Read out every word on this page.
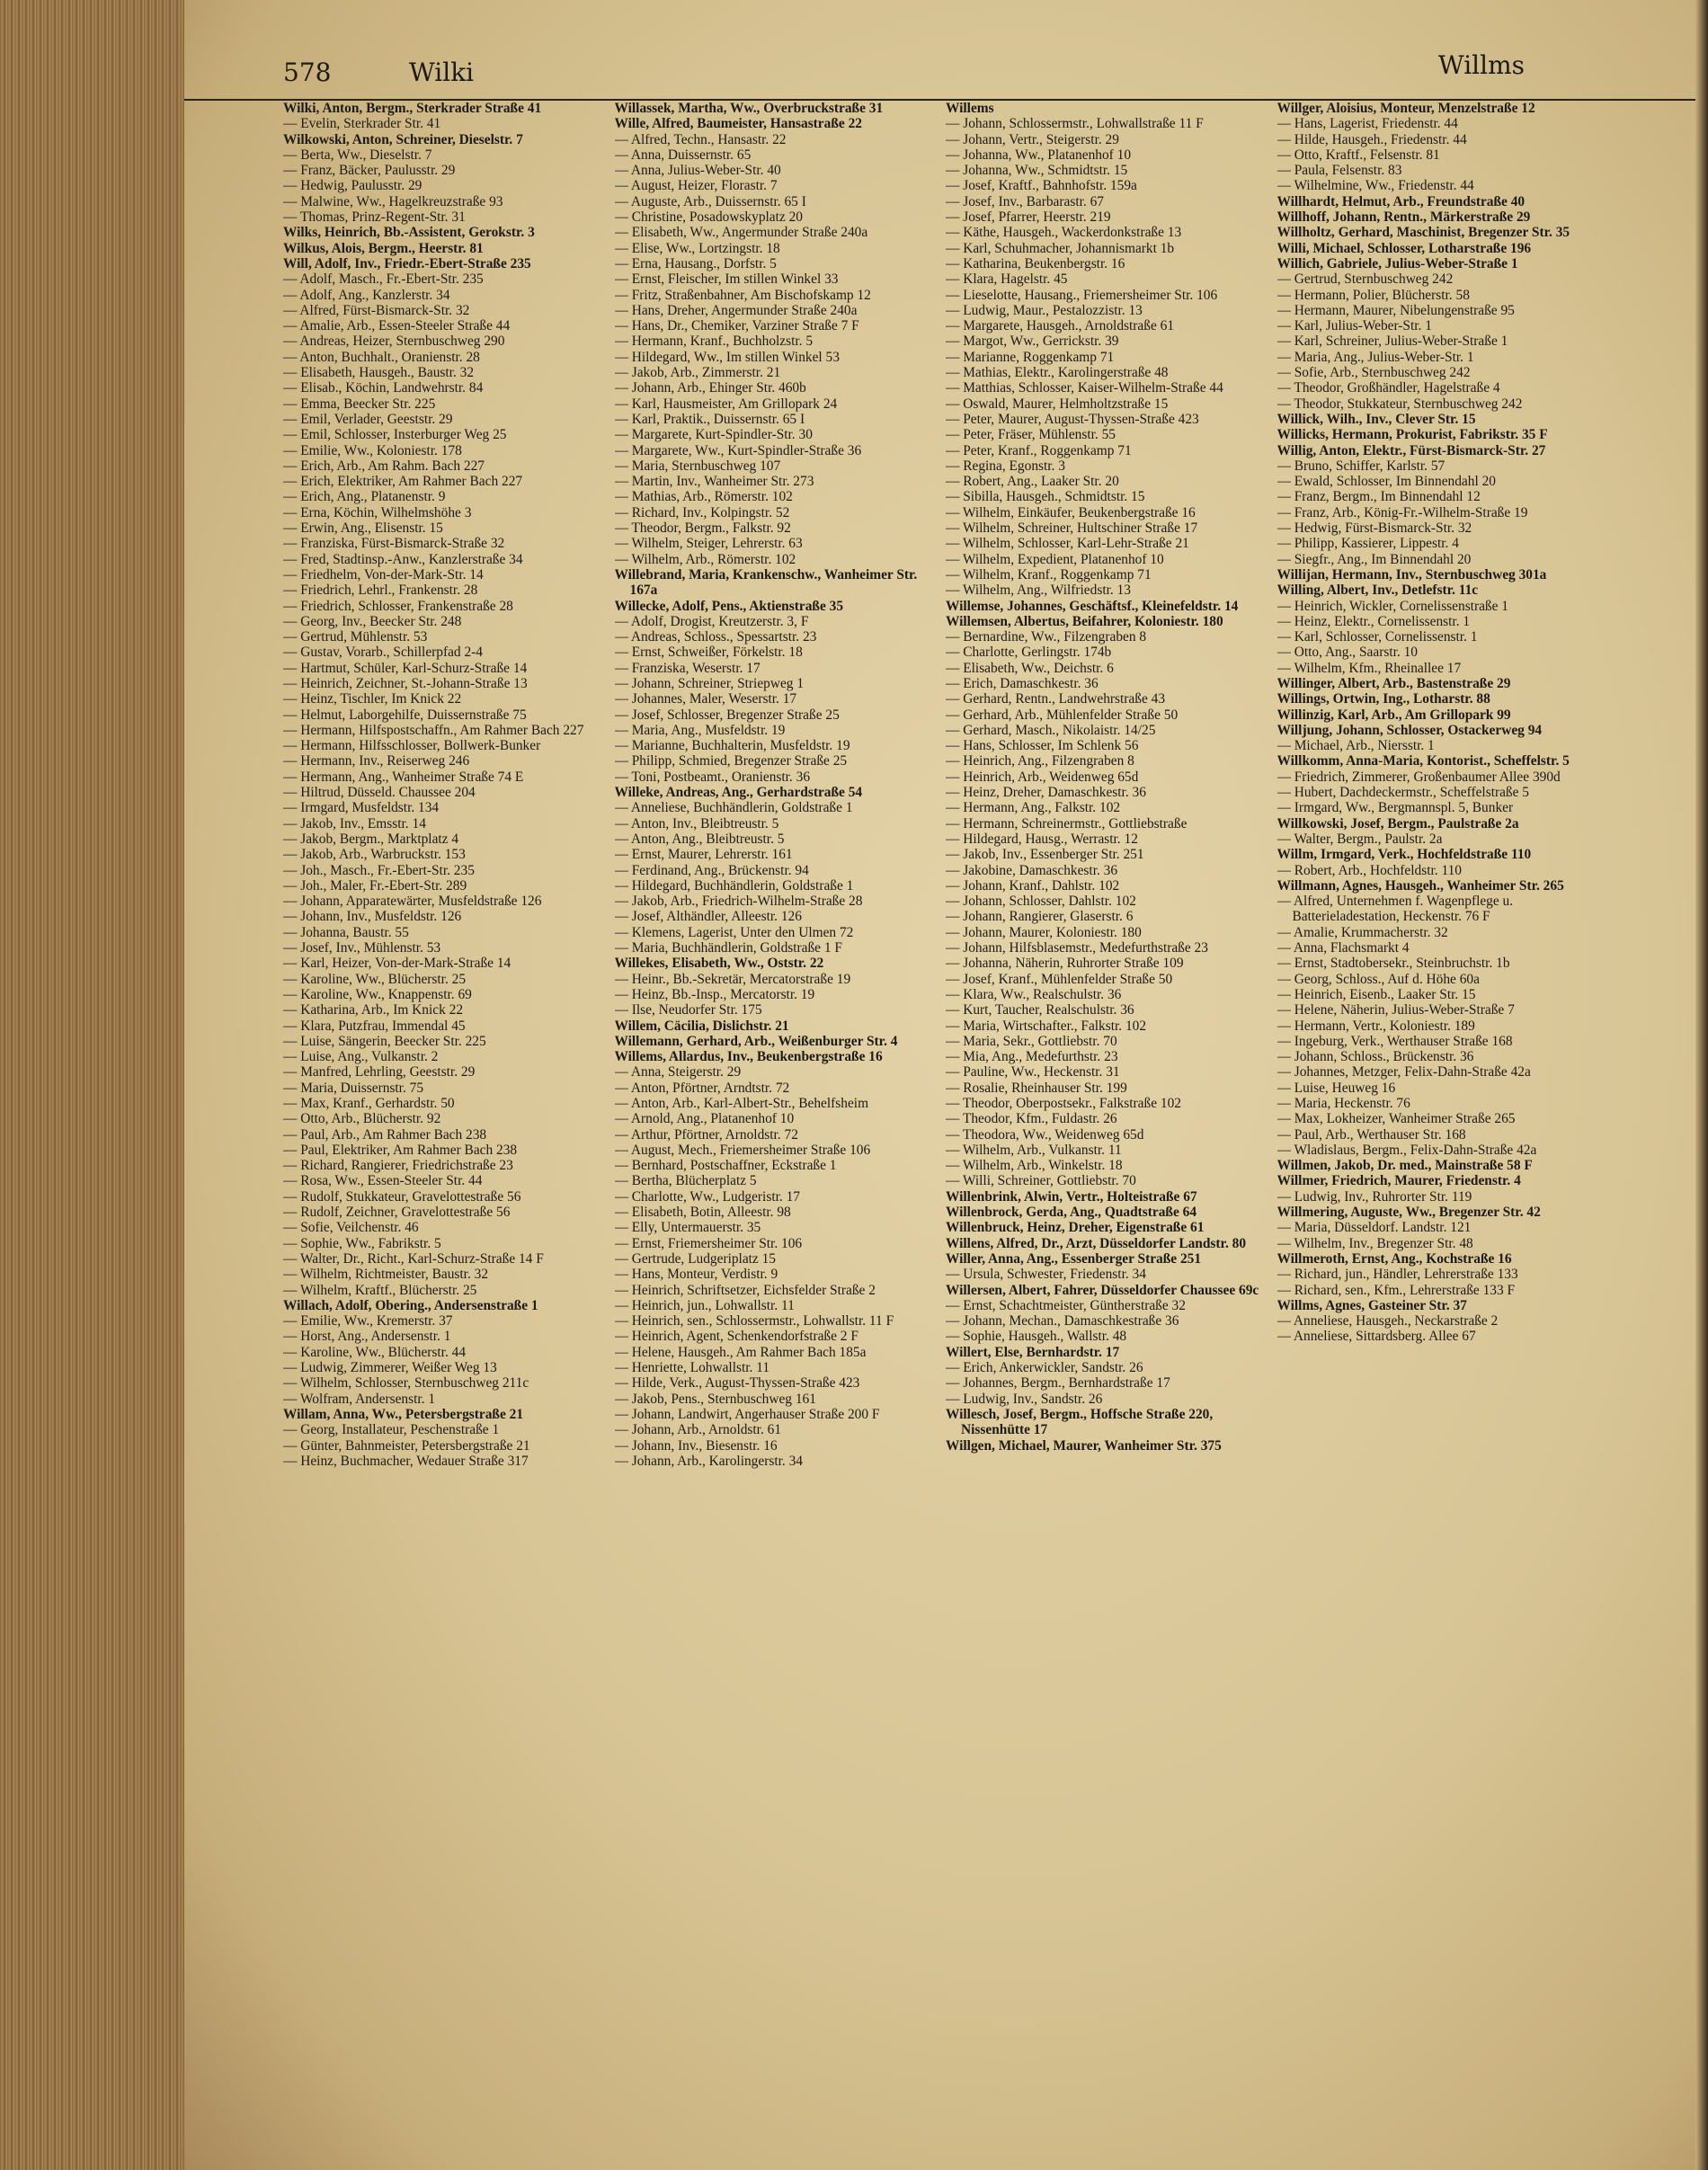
578	Wilki	Willms

Wilki, Anton, Bergm., Sterkrader Straße 41

— Evelin, Sterkrader Str. 41

Wilkowski, Anton, Schreiner, Dieselstr. 7

— Berta, Ww., Dieselstr. 7

— Franz, Bäcker, Paulusstr. 29

— Hedwig, Paulusstr. 29

— Malwine, Ww., Hagelkreuzstraße 93

— Thomas, Prinz-Regent-Str. 31

Wilks, Heinrich, Bb.-Assistent, Gerokstr. 3

Wilkus, Alois, Bergm., Heerstr. 81

Will, Adolf, Inv., Friedr.-Ebert-Straße 235

— Adolf, Masch., Fr.-Ebert-Str. 235

— Adolf, Ang., Kanzlerstr. 34

— Alfred, Fürst-Bismarck-Str. 32

— Amalie, Arb., Essen-Steeler Straße 44

— Andreas, Heizer, Sternbuschweg 290

— Anton, Buchhalt., Oranienstr. 28

— Elisabeth, Hausgeh., Baustr. 32

— Elisab., Köchin, Landwehrstr. 84

— Emma, Beecker Str. 225

— Emil, Verlader, Geeststr. 29

— Emil, Schlosser, Insterburger Weg 25

— Emilie, Ww., Koloniestr. 178

— Erich, Arb., Am Rahm. Bach 227

— Erich, Elektriker, Am Rahmer Bach 227

— Erich, Ang., Platanenstr. 9

— Erna, Köchin, Wilhelmshöhe 3

— Erwin, Ang., Elisenstr. 15

— Franziska, Fürst-Bismarck-Straße 32

— Fred, Stadtinsp.-Anw., Kanzlerstraße 34

— Friedhelm, Von-der-Mark-Str. 14

— Friedrich, Lehrl., Frankenstr. 28

— Friedrich, Schlosser, Frankenstraße 28

— Georg, Inv., Beecker Str. 248

— Gertrud, Mühlenstr. 53

— Gustav, Vorarb., Schillerpfad 2-4

— Hartmut, Schüler, Karl-Schurz-Straße 14

— Heinrich, Zeichner, St.-Johann-Straße 13

— Heinz, Tischler, Im Knick 22

— Helmut, Laborgehilfe, Duissernstraße 75

— Hermann, Hilfspostschaffn., Am Rahmer Bach 227

— Hermann, Hilfsschlosser, Bollwerk-Bunker

— Hermann, Inv., Reiserweg 246

— Hermann, Ang., Wanheimer Straße 74 E

— Hiltrud, Düsseld. Chaussee 204

— Irmgard, Musfeldstr. 134

— Jakob, Inv., Emsstr. 14

— Jakob, Bergm., Marktplatz 4

— Jakob, Arb., Warbruckstr. 153

— Joh., Masch., Fr.-Ebert-Str. 235

— Joh., Maler, Fr.-Ebert-Str. 289

— Johann, Apparatewärter, Musfeldstraße 126

— Johann, Inv., Musfeldstr. 126

— Johanna, Baustr. 55

— Josef, Inv., Mühlenstr. 53

— Karl, Heizer, Von-der-Mark-Straße 14

— Karoline, Ww., Blücherstr. 25

— Karoline, Ww., Knappenstr. 69

— Katharina, Arb., Im Knick 22

— Klara, Putzfrau, Immendal 45

— Luise, Sängerin, Beecker Str. 225

— Luise, Ang., Vulkanstr. 2

— Manfred, Lehrling, Geeststr. 29

— Maria, Duissernstr. 75

— Max, Kranf., Gerhardstr. 50

— Otto, Arb., Blücherstr. 92

— Paul, Arb., Am Rahmer Bach 238

— Paul, Elektriker, Am Rahmer Bach 238

— Richard, Rangierer, Friedrichstraße 23

— Rosa, Ww., Essen-Steeler Str. 44

— Rudolf, Stukkateur, Gravelottestraße 56

— Rudolf, Zeichner, Gravelottestraße 56

— Sofie, Veilchenstr. 46

— Sophie, Ww., Fabrikstr. 5

— Walter, Dr., Richt., Karl-Schurz-Straße 14 F

— Wilhelm, Richtmeister, Baustr. 32

— Wilhelm, Kraftf., Blücherstr. 25

Willach, Adolf, Obering., Andersenstraße 1

— Emilie, Ww., Kremerstr. 37

— Horst, Ang., Andersenstr. 1

— Karoline, Ww., Blücherstr. 44

— Ludwig, Zimmerer, Weißer Weg 13

— Wilhelm, Schlosser, Sternbuschweg 211c

— Wolfram, Andersenstr. 1

Willam, Anna, Ww., Petersbergstraße 21

— Georg, Installateur, Peschenstraße 1

— Günter, Bahnmeister, Petersbergstraße 21

— Heinz, Buchmacher, Wedauer Straße 317

Willassek, Martha, Ww., Overbruckstraße 31

Wille, Alfred, Baumeister, Hansastraße 22

— Alfred, Techn., Hansastr. 22

— Anna, Duissernstr. 65

— Anna, Julius-Weber-Str. 40

— August, Heizer, Florastr. 7

— Auguste, Arb., Duissernstr. 65 I

— Christine, Posadowskyplatz 20

— Elisabeth, Ww., Angermunder Straße 240a

— Elise, Ww., Lortzingstr. 18

— Erna, Hausang., Dorfstr. 5

— Ernst, Fleischer, Im stillen Winkel 33

— Fritz, Straßenbahner, Am Bischofskamp 12

— Hans, Dreher, Angermunder Straße 240a

— Hans, Dr., Chemiker, Varziner Straße 7 F

— Hermann, Kranf., Buchholzstr. 5

— Hildegard, Ww., Im stillen Winkel 53

— Jakob, Arb., Zimmerstr. 21

— Johann, Arb., Ehinger Str. 460b

— Karl, Hausmeister, Am Grillopark 24

— Karl, Praktik., Duissernstr. 65 I

— Margarete, Kurt-Spindler-Str. 30

— Margarete, Ww., Kurt-Spindler-Straße 36

— Maria, Sternbuschweg 107

— Martin, Inv., Wanheimer Str. 273

— Mathias, Arb., Römerstr. 102

— Richard, Inv., Kolpingstr. 52

— Theodor, Bergm., Falkstr. 92

— Wilhelm, Steiger, Lehrerstr. 63

— Wilhelm, Arb., Römerstr. 102

Willebrand, Maria, Krankenschw., Wanheimer Str. 167a

Willecke, Adolf, Pens., Aktienstraße 35

— Adolf, Drogist, Kreutzerstr. 3, F

— Andreas, Schloss., Spessartstr. 23

— Ernst, Schweißer, Förkelstr. 18

— Franziska, Weserstr. 17

— Johann, Schreiner, Striepweg 1

— Johannes, Maler, Weserstr. 17

— Josef, Schlosser, Bregenzer Straße 25

— Maria, Ang., Musfeldstr. 19

— Marianne, Buchhalterin, Musfeldstr. 19

— Philipp, Schmied, Bregenzer Straße 25

— Toni, Postbeamt., Oranienstr. 36

Willeke, Andreas, Ang., Gerhardstraße 54

— Anneliese, Buchhändlerin, Goldstraße 1

— Anton, Inv., Bleibtreustr. 5

— Anton, Ang., Bleibtreustr. 5

— Ernst, Maurer, Lehrerstr. 161

— Ferdinand, Ang., Brückenstr. 94

— Hildegard, Buchhändlerin, Goldstraße 1

— Jakob, Arb., Friedrich-Wilhelm-Straße 28

— Josef, Althändler, Alleestr. 126

— Klemens, Lagerist, Unter den Ulmen 72

— Maria, Buchhändlerin, Goldstraße 1 F

Willekes, Elisabeth, Ww., Oststr. 22

— Heinr., Bb.-Sekretär, Mercatorstraße 19

— Heinz, Bb.-Insp., Mercatorstr. 19

— Ilse, Neudorfer Str. 175

Willem, Cäcilia, Dislichstr. 21

Willemann, Gerhard, Arb., Weißenburger Str. 4

Willems, Allardus, Inv., Beukenbergstraße 16

— Anna, Steigerstr. 29

— Anton, Pförtner, Arndtstr. 72

— Anton, Arb., Karl-Albert-Str., Behelfsheim

— Arnold, Ang., Platanenhof 10

— Arthur, Pförtner, Arnoldstr. 72

— August, Mech., Friemersheimer Straße 106

— Bernhard, Postschaffner, Eckstraße 1

— Bertha, Blücherplatz 5

— Charlotte, Ww., Ludgeristr. 17

— Elisabeth, Botin, Alleestr. 98

— Elly, Untermauerstr. 35

— Ernst, Friemersheimer Str. 106

— Gertrude, Ludgeriplatz 15

— Hans, Monteur, Verdistr. 9

— Heinrich, Schriftsetzer, Eichsfelder Straße 2

— Heinrich, jun., Lohwallstr. 11

— Heinrich, sen., Schlossermstr., Lohwallstr. 11 F

— Heinrich, Agent, Schenkendorfstraße 2 F

— Helene, Hausgeh., Am Rahmer Bach 185a

— Henriette, Lohwallstr. 11

— Hilde, Verk., August-Thyssen-Straße 423

— Jakob, Pens., Sternbuschweg 161

— Johann, Landwirt, Angerhauser Straße 200 F

— Johann, Arb., Arnoldstr. 61

— Johann, Inv., Biesenstr. 16

— Johann, Arb., Karolingerstr. 34

Willems

— Johann, Schlossermstr., Lohwallstraße 11 F

— Johann, Vertr., Steigerstr. 29

— Johanna, Ww., Platanenhof 10

— Johanna, Ww., Schmidtstr. 15

— Josef, Kraftf., Bahnhofstr. 159a

— Josef, Inv., Barbarastr. 67

— Josef, Pfarrer, Heerstr. 219

— Käthe, Hausgeh., Wackerdonkstraße 13

— Karl, Schuhmacher, Johannismarkt 1b

— Katharina, Beukenbergstr. 16

— Klara, Hagelstr. 45

— Lieselotte, Hausang., Friemersheimer Str. 106

— Ludwig, Maur., Pestalozzistr. 13

— Margarete, Hausgeh., Arnoldstraße 61

— Margot, Ww., Gerrickstr. 39

— Marianne, Roggenkamp 71

— Mathias, Elektr., Karolingerstraße 48

— Matthias, Schlosser, Kaiser-Wilhelm-Straße 44

— Oswald, Maurer, Helmholtzstraße 15

— Peter, Maurer, August-Thyssen-Straße 423

— Peter, Fräser, Mühlenstr. 55

— Peter, Kranf., Roggenkamp 71

— Regina, Egonstr. 3

— Robert, Ang., Laaker Str. 20

— Sibilla, Hausgeh., Schmidtstr. 15

— Wilhelm, Einkäufer, Beukenbergstraße 16

— Wilhelm, Schreiner, Hultschiner Straße 17

— Wilhelm, Schlosser, Karl-Lehr-Straße 21

— Wilhelm, Expedient, Platanenhof 10

— Wilhelm, Kranf., Roggenkamp 71

— Wilhelm, Ang., Wilfriedstr. 13

Willemse, Johannes, Geschäftsf., Kleinefeldstr. 14

Willemsen, Albertus, Beifahrer, Koloniestr. 180

— Bernardine, Ww., Filzengraben 8

— Charlotte, Gerlingstr. 174b

— Elisabeth, Ww., Deichstr. 6

— Erich, Damaschkestr. 36

— Gerhard, Rentn., Landwehrstraße 43

— Gerhard, Arb., Mühlenfelder Straße 50

— Gerhard, Masch., Nikolaistr. 14/25

— Hans, Schlosser, Im Schlenk 56

— Heinrich, Ang., Filzengraben 8

— Heinrich, Arb., Weidenweg 65d

— Heinz, Dreher, Damaschkestr. 36

— Hermann, Ang., Falkstr. 102

— Hermann, Schreinermstr., Gottliebstraße

— Hildegard, Hausg., Werrastr. 12

— Jakob, Inv., Essenberger Str. 251

— Jakobine, Damaschkestr. 36

— Johann, Kranf., Dahlstr. 102

— Johann, Schlosser, Dahlstr. 102

— Johann, Rangierer, Glaserstr. 6

— Johann, Maurer, Koloniestr. 180

— Johann, Hilfsblasemstr., Medefurthstraße 23

— Johanna, Näherin, Ruhrorter Straße 109

— Josef, Kranf., Mühlenfelder Straße 50

— Klara, Ww., Realschulstr. 36

— Kurt, Taucher, Realschulstr. 36

— Maria, Wirtschafter., Falkstr. 102

— Maria, Sekr., Gottliebstr. 70

— Mia, Ang., Medefurthstr. 23

— Pauline, Ww., Heckenstr. 31

— Rosalie, Rheinhauser Str. 199

— Theodor, Oberpostsekr., Falkstraße 102

— Theodor, Kfm., Fuldastr. 26

— Theodora, Ww., Weidenweg 65d

— Wilhelm, Arb., Vulkanstr. 11

— Wilhelm, Arb., Winkelstr. 18

— Willi, Schreiner, Gottliebstr. 70

Willenbrink, Alwin, Vertr., Holteistraße 67

Willenbrock, Gerda, Ang., Quadtstraße 64

Willenbruck, Heinz, Dreher, Eigenstraße 61

Willens, Alfred, Dr., Arzt, Düsseldorfer Landstr. 80

Willer, Anna, Ang., Essenberger Straße 251

— Ursula, Schwester, Friedenstr. 34

Willersen, Albert, Fahrer, Düsseldorfer Chaussee 69c

— Ernst, Schachtmeister, Güntherstraße 32

— Johann, Mechan., Damaschkestraße 36

— Sophie, Hausgeh., Wallstr. 48

Willert, Else, Bernhardstr. 17

— Erich, Ankerwickler, Sandstr. 26

— Johannes, Bergm., Bernhardstraße 17

— Ludwig, Inv., Sandstr. 26

Willesch, Josef, Bergm., Hoffsche Straße 220, Nissenhütte 17

Willgen, Michael, Maurer, Wanheimer Str. 375

Willger, Aloisius, Monteur, Menzelstraße 12

— Hans, Lagerist, Friedenstr. 44

— Hilde, Hausgeh., Friedenstr. 44

— Otto, Kraftf., Felsenstr. 81

— Paula, Felsenstr. 83

— Wilhelmine, Ww., Friedenstr. 44

Willhardt, Helmut, Arb., Freundstraße 40

Willhoff, Johann, Rentn., Märkerstraße 29

Willholtz, Gerhard, Maschinist, Bregenzer Str. 35

Willi, Michael, Schlosser, Lotharstraße 196

Willich, Gabriele, Julius-Weber-Straße 1

— Gertrud, Sternbuschweg 242

— Hermann, Polier, Blücherstr. 58

— Hermann, Maurer, Nibelungenstraße 95

— Karl, Julius-Weber-Str. 1

— Karl, Schreiner, Julius-Weber-Straße 1

— Maria, Ang., Julius-Weber-Str. 1

— Sofie, Arb., Sternbuschweg 242

— Theodor, Großhändler, Hagelstraße 4

— Theodor, Stukkateur, Sternbuschweg 242

Willick, Wilh., Inv., Clever Str. 15

Willicks, Hermann, Prokurist, Fabrikstr. 35 F

Willig, Anton, Elektr., Fürst-Bismarck-Str. 27

— Bruno, Schiffer, Karlstr. 57

— Ewald, Schlosser, Im Binnendahl 20

— Franz, Bergm., Im Binnendahl 12

— Franz, Arb., König-Fr.-Wilhelm-Straße 19

— Hedwig, Fürst-Bismarck-Str. 32

— Philipp, Kassierer, Lippestr. 4

— Siegfr., Ang., Im Binnendahl 20

Willijan, Hermann, Inv., Sternbuschweg 301a

Willing, Albert, Inv., Detlefstr. 11c

— Heinrich, Wickler, Cornelissenstraße 1

— Heinz, Elektr., Cornelissenstr. 1

— Karl, Schlosser, Cornelissenstr. 1

— Otto, Ang., Saarstr. 10

— Wilhelm, Kfm., Rheinallee 17

Willinger, Albert, Arb., Bastenstraße 29

Willings, Ortwin, Ing., Lotharstr. 88

Willinzig, Karl, Arb., Am Grillopark 99

Willjung, Johann, Schlosser, Ostackerweg 94

— Michael, Arb., Niersstr. 1

Willkomm, Anna-Maria, Kontorist., Scheffelstr. 5

— Friedrich, Zimmerer, Großenbaumer Allee 390d

— Hubert, Dachdeckermstr., Scheffelstraße 5

— Irmgard, Ww., Bergmannspl. 5, Bunker

Willkowski, Josef, Bergm., Paulstraße 2a

— Walter, Bergm., Paulstr. 2a

Willm, Irmgard, Verk., Hochfeldstraße 110

— Robert, Arb., Hochfeldstr. 110

Willmann, Agnes, Hausgeh., Wanheimer Str. 265

— Alfred, Unternehmen f. Wagenpflege u. Batterieladestation, Heckenstr. 76 F

— Amalie, Krummacherstr. 32

— Anna, Flachsmarkt 4

— Ernst, Stadtobersekr., Steinbruchstr. 1b

— Georg, Schloss., Auf d. Höhe 60a

— Heinrich, Eisenb., Laaker Str. 15

— Helene, Näherin, Julius-Weber-Straße 7

— Hermann, Vertr., Koloniestr. 189

— Ingeburg, Verk., Werthauser Straße 168

— Johann, Schloss., Brückenstr. 36

— Johannes, Metzger, Felix-Dahn-Straße 42a

— Luise, Heuweg 16

— Maria, Heckenstr. 76

— Max, Lokheizer, Wanheimer Straße 265

— Paul, Arb., Werthauser Str. 168

— Wladislaus, Bergm., Felix-Dahn-Straße 42a

Willmen, Jakob, Dr. med., Mainstraße 58 F

Willmer, Friedrich, Maurer, Friedenstr. 4

— Ludwig, Inv., Ruhrorter Str. 119

Willmering, Auguste, Ww., Bregenzer Str. 42

— Maria, Düsseldorf. Landstr. 121

— Wilhelm, Inv., Bregenzer Str. 48

Willmeroth, Ernst, Ang., Kochstraße 16

— Richard, jun., Händler, Lehrerstraße 133

— Richard, sen., Kfm., Lehrerstraße 133 F

Willms, Agnes, Gasteiner Str. 37

— Anneliese, Hausgeh., Neckarstraße 2

— Anneliese, Sittardsberg. Allee 67
